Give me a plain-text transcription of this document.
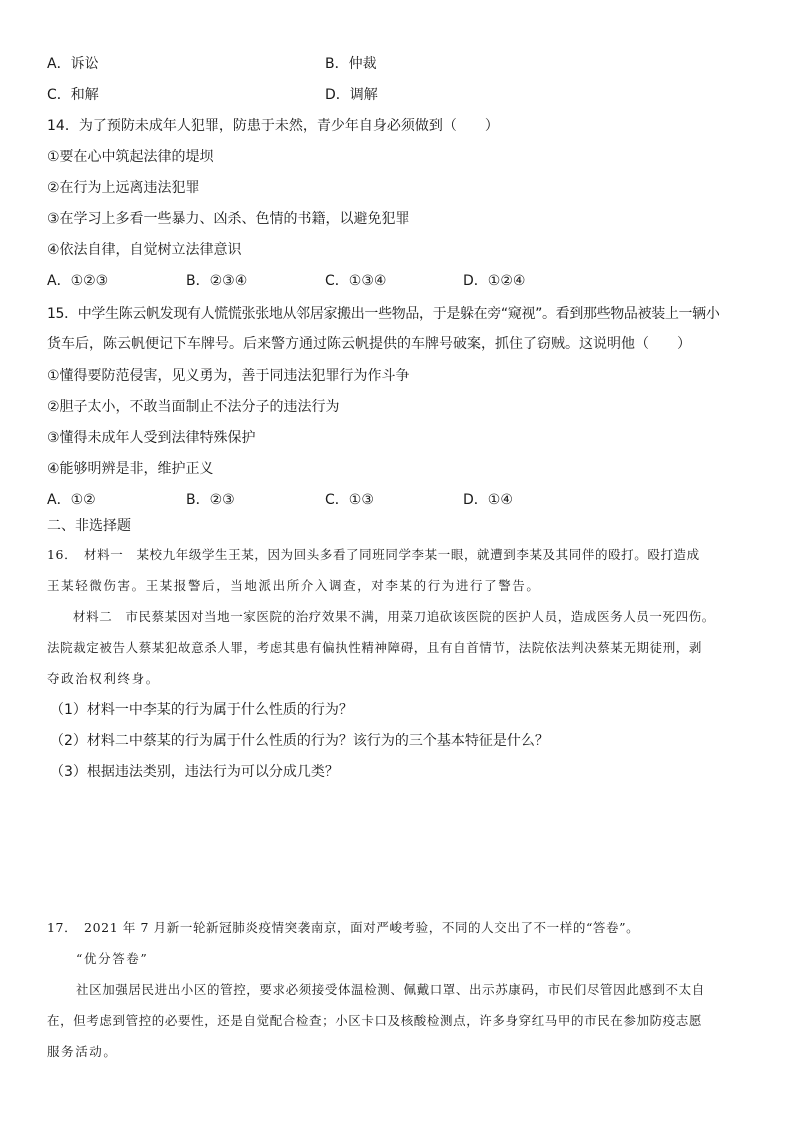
A．诉讼	B．仲裁
C．和解	D．调解
14．为了预防未成年人犯罪，防患于未然，青少年自身必须做到（　　）
①要在心中筑起法律的堤坝
②在行为上远离违法犯罪
③在学习上多看一些暴力、凶杀、色情的书籍，以避免犯罪
④依法自律，自觉树立法律意识
A．①②③	B．②③④	C．①③④	D．①②④
15．中学生陈云帆发现有人慌慌张张地从邻居家搬出一些物品，于是躲在旁“窥视”。看到那些物品被装上一辆小
货车后，陈云帆便记下车牌号。后来警方通过陈云帆提供的车牌号破案，抓住了窃贼。这说明他（　　）
①懂得要防范侵害，见义勇为，善于同违法犯罪行为作斗争
②胆子太小，不敢当面制止不法分子的违法行为
③懂得未成年人受到法律特殊保护
④能够明辨是非，维护正义
A．①②	B．②③	C．①③	D．①④
二、非选择题
16．　材料一　某校九年级学生王某，因为回头多看了同班同学李某一眼，就遭到李某及其同伴的殴打。殴打造成
王某轻微伤害。王某报警后，当地派出所介入调查，对李某的行为进行了警告。
材料二　市民蔡某因对当地一家医院的治疗效果不满，用菜刀追砍该医院的医护人员，造成医务人员一死四伤。
法院裁定被告人蔡某犯故意杀人罪，考虑其患有偏执性精神障碍，且有自首情节，法院依法判决蔡某无期徒刑，剥
夺政治权利终身。
（1）材料一中李某的行为属于什么性质的行为？
（2）材料二中蔡某的行为属于什么性质的行为？该行为的三个基本特征是什么？
（3）根据违法类别，违法行为可以分成几类？
17．　2021 年 7 月新一轮新冠肺炎疫情突袭南京，面对严峻考验，不同的人交出了不一样的“答卷”。
“优分答卷”
社区加强居民进出小区的管控，要求必须接受体温检测、佩戴口罩、出示苏康码，市民们尽管因此感到不太自
在，但考虑到管控的必要性，还是自觉配合检查；小区卡口及核酸检测点，许多身穿红马甲的市民在参加防疫志愿
服务活动。
